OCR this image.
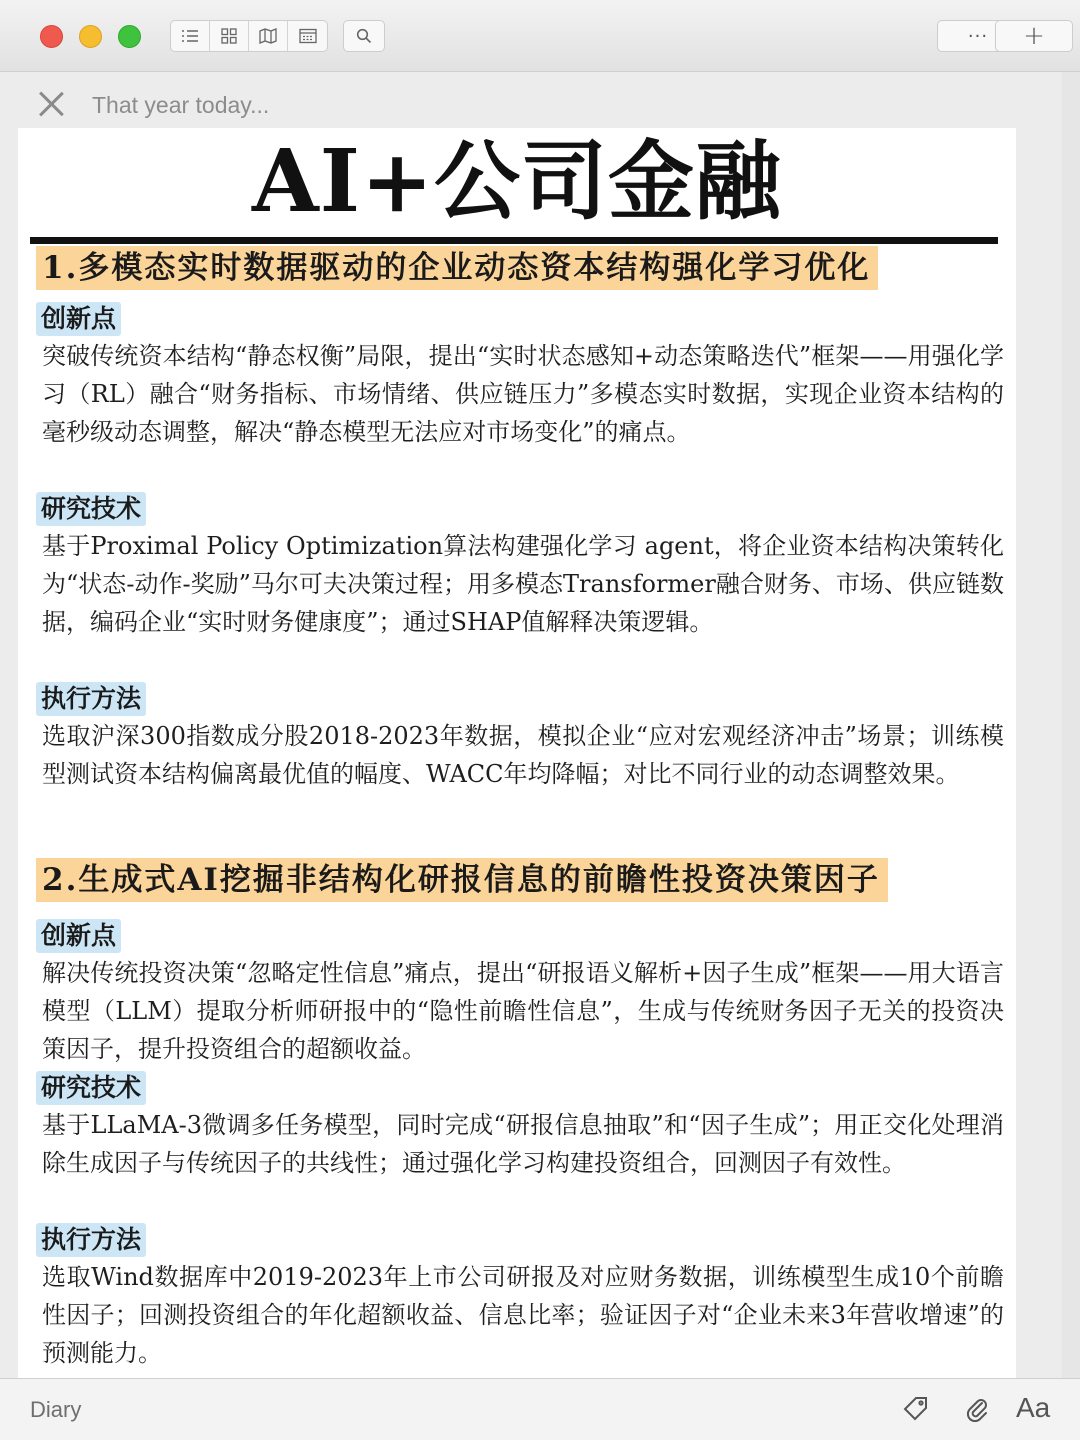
···	+
That year today...
AI+公司金融
1.多模态实时数据驱动的企业动态资本结构强化学习优化
创新点
突破传统资本结构“静态权衡”局限，提出“实时状态感知+动态策略迭代”框架——用强化学习（RL）融合“财务指标、市场情绪、供应链压力”多模态实时数据，实现企业资本结构的毫秒级动态调整，解决“静态模型无法应对市场变化”的痛点。
研究技术
基于Proximal Policy Optimization算法构建强化学习 agent，将企业资本结构决策转化为“状态-动作-奖励”马尔可夫决策过程；用多模态Transformer融合财务、市场、供应链数据，编码企业“实时财务健康度”；通过SHAP值解释决策逻辑。
执行方法
选取沪深300指数成分股2018-2023年数据，模拟企业“应对宏观经济冲击”场景；训练模型测试资本结构偏离最优值的幅度、WACC年均降幅；对比不同行业的动态调整效果。
2.生成式AI挖掘非结构化研报信息的前瞻性投资决策因子
创新点
解决传统投资决策“忽略定性信息”痛点，提出“研报语义解析+因子生成”框架——用大语言模型（LLM）提取分析师研报中的“隐性前瞻性信息”，生成与传统财务因子无关的投资决策因子，提升投资组合的超额收益。
研究技术
基于LLaMA-3微调多任务模型，同时完成“研报信息抽取”和“因子生成”；用正交化处理消除生成因子与传统因子的共线性；通过强化学习构建投资组合，回测因子有效性。
执行方法
选取Wind数据库中2019-2023年上市公司研报及对应财务数据，训练模型生成10个前瞻性因子；回测投资组合的年化超额收益、信息比率；验证因子对“企业未来3年营收增速”的预测能力。
Diary	Aa
